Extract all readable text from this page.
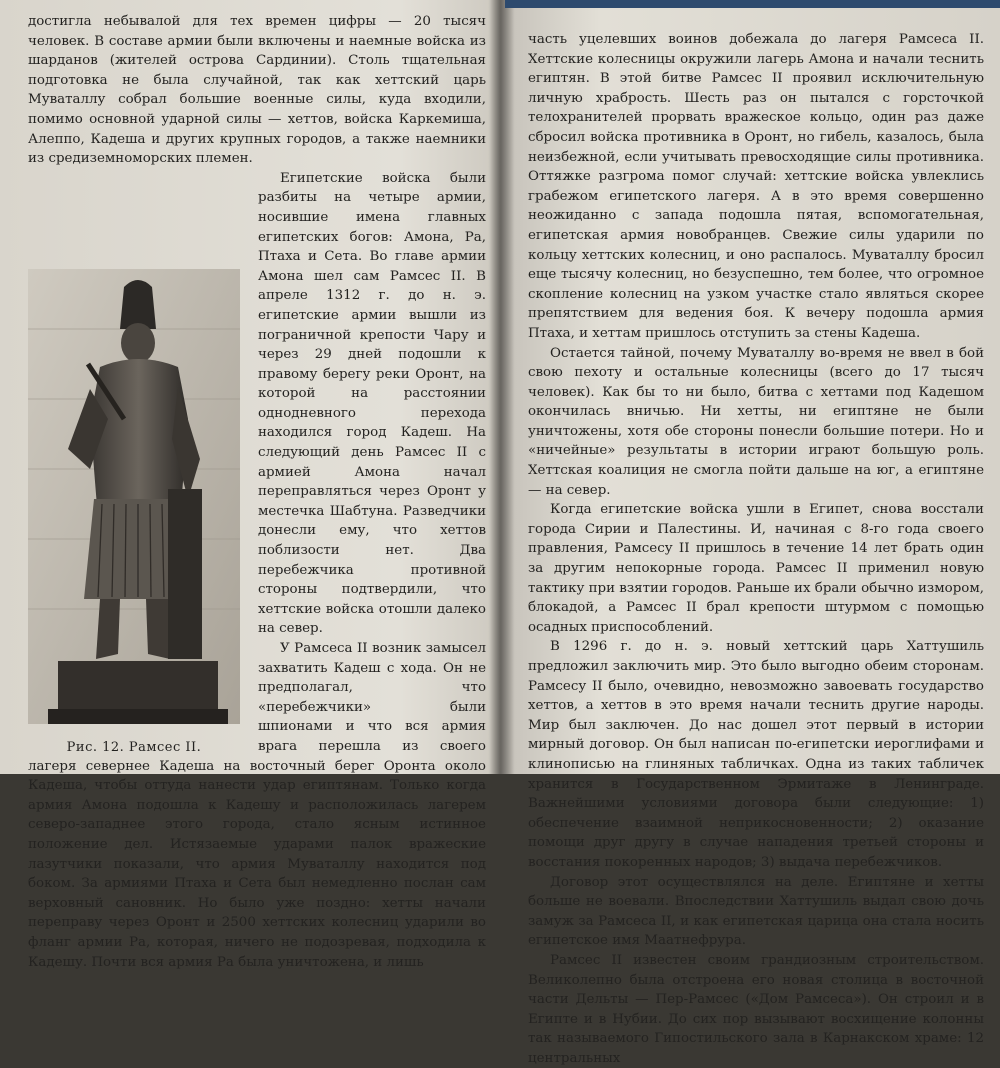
достигла небывалой для тех времен цифры — 20 тысяч человек. В составе армии были включены и наемные войска из шарданов (жителей острова Сардинии). Столь тщательная подготовка не была случайной, так как хеттский царь Муваталлу собрал большие военные силы, куда входили, помимо основной ударной силы — хеттов, войска Каркемиша, Алеппо, Кадеша и других крупных городов, а также наемники из средиземноморских племен.

Рис. 12. Рамсес II.

Египетские войска были разбиты на четыре армии, носившие имена главных египетских богов: Амона, Ра, Птаха и Сета. Во главе армии Амона шел сам Рамсес II. В апреле 1312 г. до н. э. египетские армии вышли из пограничной крепости Чару и через 29 дней подошли к правому берегу реки Оронт, на которой на расстоянии однодневного перехода находился город Кадеш. На следующий день Рамсес II с армией Амона начал переправляться через Оронт у местечка Шабтуна. Разведчики донесли ему, что хеттов поблизости нет. Два перебежчика противной стороны подтвердили, что хеттские войска отошли далеко на север.

У Рамсеса II возник замысел захватить Кадеш с хода. Он не предполагал, что «перебежчики» были шпионами и что вся армия врага перешла из своего лагеря севернее Кадеша на восточный берег Оронта около Кадеша, чтобы оттуда нанести удар египтянам. Только когда армия Амона подошла к Кадешу и расположилась лагерем северо-западнее этого города, стало ясным истинное положение дел. Истязаемые ударами палок вражеские лазутчики показали, что армия Муваталлу находится под боком. За армиями Птаха и Сета был немедленно послан сам верховный сановник. Но было уже поздно: хетты начали переправу через Оронт и 2500 хеттских колесниц ударили во фланг армии Ра, которая, ничего не подозревая, подходила к Кадешу. Почти вся армия Ра была уничтожена, и лишь

часть уцелевших воинов добежала до лагеря Рамсеса II. Хеттские колесницы окружили лагерь Амона и начали теснить египтян. В этой битве Рамсес II проявил исключительную личную храбрость. Шесть раз он пытался с горсточкой телохранителей прорвать вражеское кольцо, один раз даже сбросил войска противника в Оронт, но гибель, казалось, была неизбежной, если учитывать превосходящие силы противника. Оттяжке разгрома помог случай: хеттские войска увлеклись грабежом египетского лагеря. А в это время совершенно неожиданно с запада подошла пятая, вспомогательная, египетская армия новобранцев. Свежие силы ударили по кольцу хеттских колесниц, и оно распалось. Муваталлу бросил еще тысячу колесниц, но безуспешно, тем более, что огромное скопление колесниц на узком участке стало являться скорее препятствием для ведения боя. К вечеру подошла армия Птаха, и хеттам пришлось отступить за стены Кадеша.

Остается тайной, почему Муваталлу во-время не ввел в бой свою пехоту и остальные колесницы (всего до 17 тысяч человек). Как бы то ни было, битва с хеттами под Кадешом окончилась вничью. Ни хетты, ни египтяне не были уничтожены, хотя обе стороны понесли большие потери. Но и «ничейные» результаты в истории играют большую роль. Хеттская коалиция не смогла пойти дальше на юг, а египтяне — на север.

Когда египетские войска ушли в Египет, снова восстали города Сирии и Палестины. И, начиная с 8-го года своего правления, Рамсесу II пришлось в течение 14 лет брать один за другим непокорные города. Рамсес II применил новую тактику при взятии городов. Раньше их брали обычно измором, блокадой, а Рамсес II брал крепости штурмом с помощью осадных приспособлений.

В 1296 г. до н. э. новый хеттский царь Хаттушиль предложил заключить мир. Это было выгодно обеим сторонам. Рамсесу II было, очевидно, невозможно завоевать государство хеттов, а хеттов в это время начали теснить другие народы. Мир был заключен. До нас дошел этот первый в истории мирный договор. Он был написан по-египетски иероглифами и клинописью на глиняных табличках. Одна из таких табличек хранится в Государственном Эрмитаже в Ленинграде. Важнейшими условиями договора были следующие: 1) обеспечение взаимной неприкосновенности; 2) оказание помощи друг другу в случае нападения третьей стороны и восстания покоренных народов; 3) выдача перебежчиков.

Договор этот осуществлялся на деле. Египтяне и хетты больше не воевали. Впоследствии Хаттушиль выдал свою дочь замуж за Рамсеса II, и как египетская царица она стала носить египетское имя Маатнефрура.

Рамсес II известен своим грандиозным строительством. Великолепно была отстроена его новая столица в восточной части Дельты — Пер-Рамсес («Дом Рамсеса»). Он строил и в Египте и в Нубии. До сих пор вызывают восхищение колонны так называемого Гипостильского зала в Карнакском храме: 12 центральных
